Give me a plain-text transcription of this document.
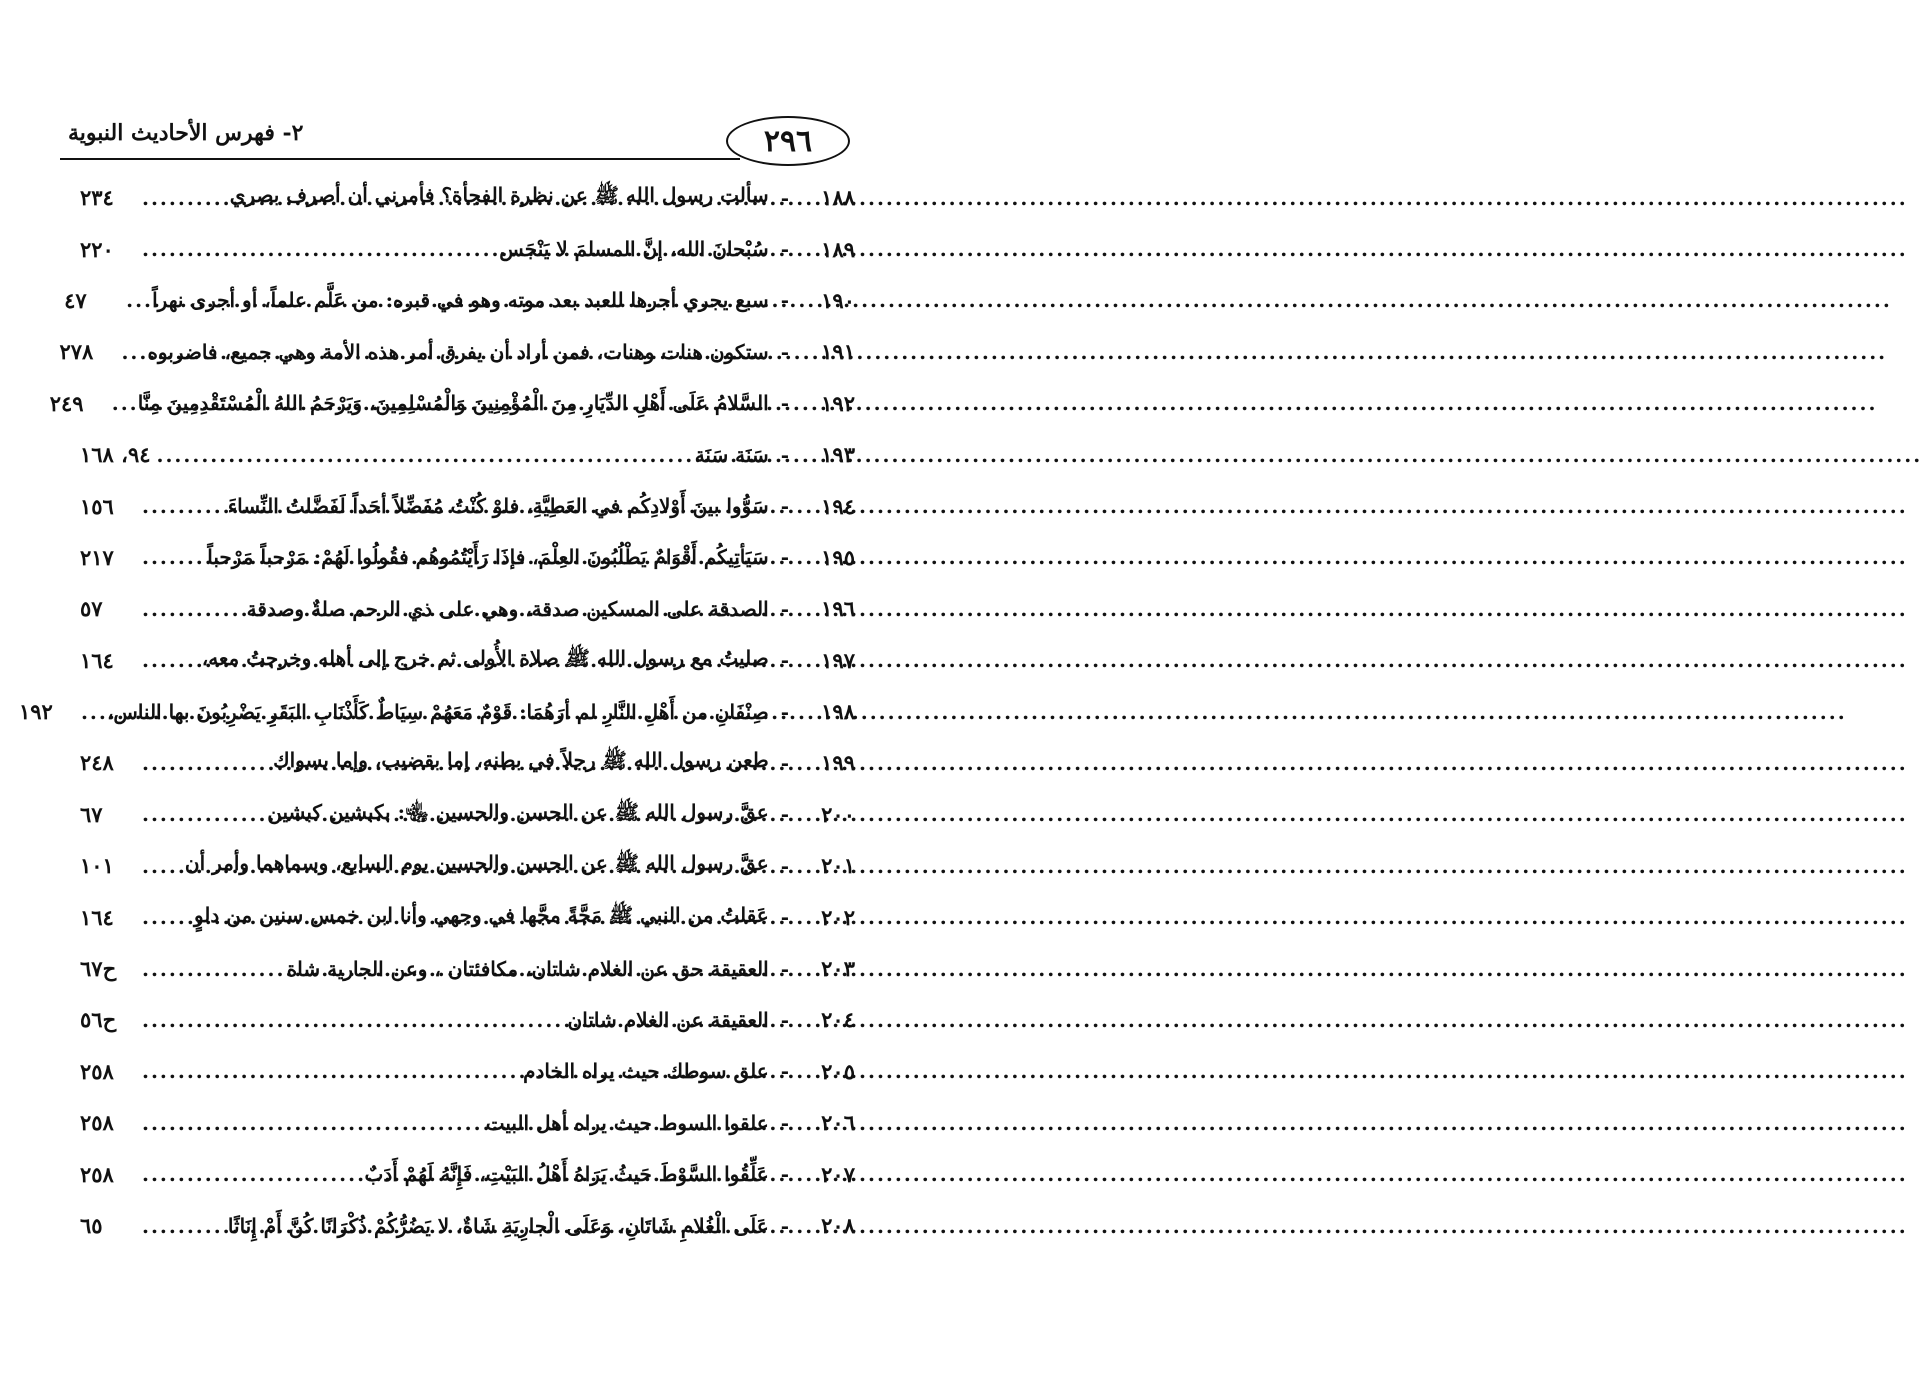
٢٩٦
٢- فهرس الأحاديث النبوية
١٨٨
-
سألت رسول الله ﷺ عن نظرة الفجأة؟ فأمرني أن أصرف بصري
.....
٢٣٤
١٨٩
-
سُبْحانَ الله، إنَّ المسلمَ لا يَنْجَس
.....
٢٢٠
١٩٠
-
سبع يجري أجرها للعبد بعد موته وهو في قبره: من عَلَّم علماً، أو أجرى نهراً
.....
٤٧
١٩١
-
ستكون هنات وهنات، فمن أراد أن يفرق أمر هذه الأمة وهي جميع، فاضربوه
.....
٢٧٨
١٩٢
-
السَّلامُ عَلَى أَهْلِ الدِّيَارِ مِنَ الْمُؤْمِنِينَ وَالْمُسْلِمِينَ، وَيَرْحَمُ اللهُ الْمُسْتَقْدِمِينَ مِنَّا
.....
٢٤٩
١٩٣
-
سَنَة سَنَة
.....
٩٤، ١٦٨
١٩٤
-
سَوُّوا بينَ أَوْلادِكُم في العَطِيَّةِ، فلوْ كُنْتُ مُفَضِّلاً أحَداً لَفَضَّلتُ النِّساءَ
.....
١٥٦
١٩٥
-
سَيَأتِيكُم أَقْوَامٌ يَطْلُبُونَ العِلْمَ، فإذَا رَأَيْتُمُوهُم فقُولُوا لَهُمْ: مَرْحباً مَرْحباً
.....
٢١٧
١٩٦
-
الصدقة على المسكين صدقة، وهي على ذي الرحم صلةٌ وصدقة
.....
٥٧
١٩٧
-
صليتُ مع رسول الله ﷺ صلاة الأُولى ثم خرج إلى أهله وخرجتُ معه،
.....
١٦٤
١٩٨
-
صِنْفَانِ من أَهْلِ النَّارِ لم أرَهُمَا: قَوْمٌ مَعَهُمْ سِيَاطٌ كَأَذْنَابِ البَقَرِ يَضْرِبُونَ بها الناس،
.....
١٩٢
١٩٩
-
طعن رسول الله ﷺ رجلاً في بطنه، إما بقضيب، وإما بسواك
.....
٢٤٨
٢٠٠
-
عقَّ رسول الله ﷺ عن الحسن والحسين ﵄: بكبشين كبشين
.....
٦٧
٢٠١
-
عقَّ رسول الله ﷺ عن الحسن والحسين يوم السابع، وسماهما وأمر أن
.....
١٠١
٢٠٢
-
عَقلتُ من النبي ﷺ مَجَّةً مجَّها في وجهي وأنا ابن خمس سنين من دلوٍ
.....
١٦٤
٢٠٣
-
العقيقة حق عن الغلام شاتان، مكافئتان ، وعن الجارية شاة
.....
ح٦٧
٢٠٤
-
العقيقة عن الغلام شاتان
.....
ح٥٦
٢٠٥
-
علق سوطك حيث يراه الخادم
.....
٢٥٨
٢٠٦
-
علقوا السوط حيث يراه أهل البيت
.....
٢٥٨
٢٠٧
-
عَلِّقُوا السَّوْطَ حَيثُ يَرَاهُ أَهْلُ البَيْتِ، فَإِنَّهُ لَهُمْ أَدَبٌ
.....
٢٥٨
٢٠٨
-
عَلَى الْغُلامِ شَاتَانِ، وَعَلَى الْجارِيَةِ شَاةٌ، لا يَضُرُّكُمْ ذُكْرَانًا كُنَّ أَمْ إِنَاثًا
.....
٦٥
